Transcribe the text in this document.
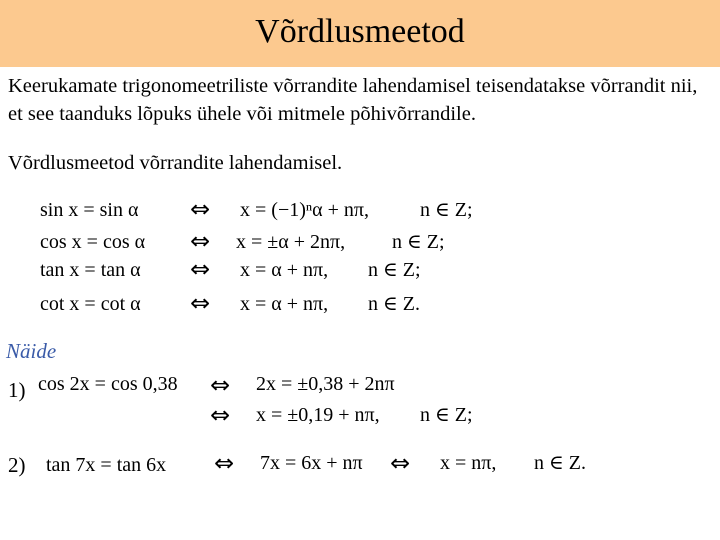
Võrdlusmeetod

Keerukamate trigonomeetriliste võrrandite lahendamisel teisendatakse võrrandit nii, et see taanduks lõpuks ühele või mitmele põhivõrrandile.

Võrdlusmeetod võrrandite lahendamisel.

sin x = sin α ⇔ x = (−1)ⁿα + nπ,	n ∈ Z;
cos x = cos α ⇔ x = ±α + 2nπ, n ∈ Z;
tan x = tan α ⇔ x = α + nπ, n ∈ Z;
cot x = cot α ⇔ x = α + nπ, n ∈ Z.
Näide
1) cos 2x = cos 0,38 ⇔ 2x = ±0,38 + 2nπ
⇔ x = ±0,19 + nπ, n ∈ Z;
2) tan 7x = tan 6x ⇔ 7x = 6x + nπ ⇔ x = nπ, n ∈ Z.
